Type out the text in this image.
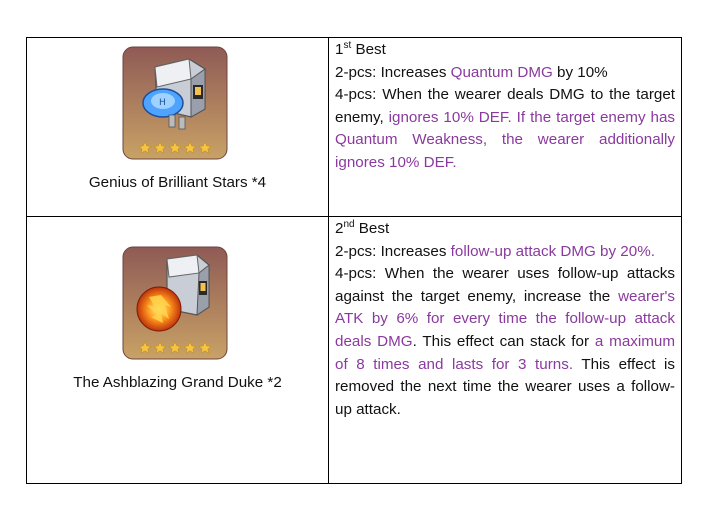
H
Genius of Brilliant Stars *4

1st Best

2-pcs: Increases Quantum DMG by 10%

4-pcs: When the wearer deals DMG to the target enemy, ignores 10% DEF. If the target enemy has Quantum Weakness, the wearer additionally ignores 10% DEF.

The Ashblazing Grand Duke *2

2nd Best

2-pcs: Increases follow-up attack DMG by 20%.

4-pcs: When the wearer uses follow-up attacks against the target enemy, increase the wearer's ATK by 6% for every time the follow-up attack deals DMG. This effect can stack for a maximum of 8 times and lasts for 3 turns. This effect is removed the next time the wearer uses a follow-up attack.
